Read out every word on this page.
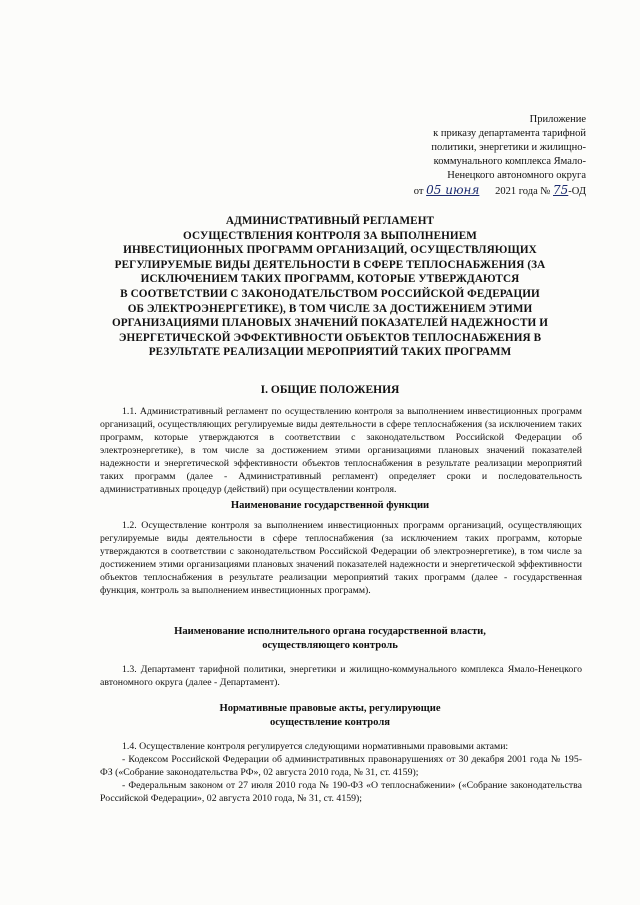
Приложение
к приказу департамента тарифной
политики, энергетики и жилищно-
коммунального комплекса Ямало-
Ненецкого автономного округа
от 05 июня 2021 года № 75-ОД
АДМИНИСТРАТИВНЫЙ РЕГЛАМЕНТ
ОСУЩЕСТВЛЕНИЯ КОНТРОЛЯ ЗА ВЫПОЛНЕНИЕМ
ИНВЕСТИЦИОННЫХ ПРОГРАММ ОРГАНИЗАЦИЙ, ОСУЩЕСТВЛЯЮЩИХ
РЕГУЛИРУЕМЫЕ ВИДЫ ДЕЯТЕЛЬНОСТИ В СФЕРЕ ТЕПЛОСНАБЖЕНИЯ (ЗА
ИСКЛЮЧЕНИЕМ ТАКИХ ПРОГРАММ, КОТОРЫЕ УТВЕРЖДАЮТСЯ
В СООТВЕТСТВИИ С ЗАКОНОДАТЕЛЬСТВОМ РОССИЙСКОЙ ФЕДЕРАЦИИ
ОБ ЭЛЕКТРОЭНЕРГЕТИКЕ), В ТОМ ЧИСЛЕ ЗА ДОСТИЖЕНИЕМ ЭТИМИ
ОРГАНИЗАЦИЯМИ ПЛАНОВЫХ ЗНАЧЕНИЙ ПОКАЗАТЕЛЕЙ НАДЕЖНОСТИ И
ЭНЕРГЕТИЧЕСКОЙ ЭФФЕКТИВНОСТИ ОБЪЕКТОВ ТЕПЛОСНАБЖЕНИЯ В
РЕЗУЛЬТАТЕ РЕАЛИЗАЦИИ МЕРОПРИЯТИЙ ТАКИХ ПРОГРАММ
I. ОБЩИЕ ПОЛОЖЕНИЯ
1.1. Административный регламент по осуществлению контроля за выполнением инвестиционных программ организаций, осуществляющих регулируемые виды деятельности в сфере теплоснабжения (за исключением таких программ, которые утверждаются в соответствии с законодательством Российской Федерации об электроэнергетике), в том числе за достижением этими организациями плановых значений показателей надежности и энергетической эффективности объектов теплоснабжения в результате реализации мероприятий таких программ (далее - Административный регламент) определяет сроки и последовательность административных процедур (действий) при осуществлении контроля.
Наименование государственной функции
1.2. Осуществление контроля за выполнением инвестиционных программ организаций, осуществляющих регулируемые виды деятельности в сфере теплоснабжения (за исключением таких программ, которые утверждаются в соответствии с законодательством Российской Федерации об электроэнергетике), в том числе за достижением этими организациями плановых значений показателей надежности и энергетической эффективности объектов теплоснабжения в результате реализации мероприятий таких программ (далее - государственная функция, контроль за выполнением инвестиционных программ).
Наименование исполнительного органа государственной власти,
осуществляющего контроль
1.3. Департамент тарифной политики, энергетики и жилищно-коммунального комплекса Ямало-Ненецкого автономного округа (далее - Департамент).
Нормативные правовые акты, регулирующие
осуществление контроля
1.4. Осуществление контроля регулируется следующими нормативными правовыми актами:
- Кодексом Российской Федерации об административных правонарушениях от 30 декабря 2001 года № 195-ФЗ («Собрание законодательства РФ», 02 августа 2010 года, № 31, ст. 4159);
- Федеральным законом от 27 июля 2010 года № 190-ФЗ «О теплоснабжении» («Собрание законодательства Российской Федерации», 02 августа 2010 года, № 31, ст. 4159);
